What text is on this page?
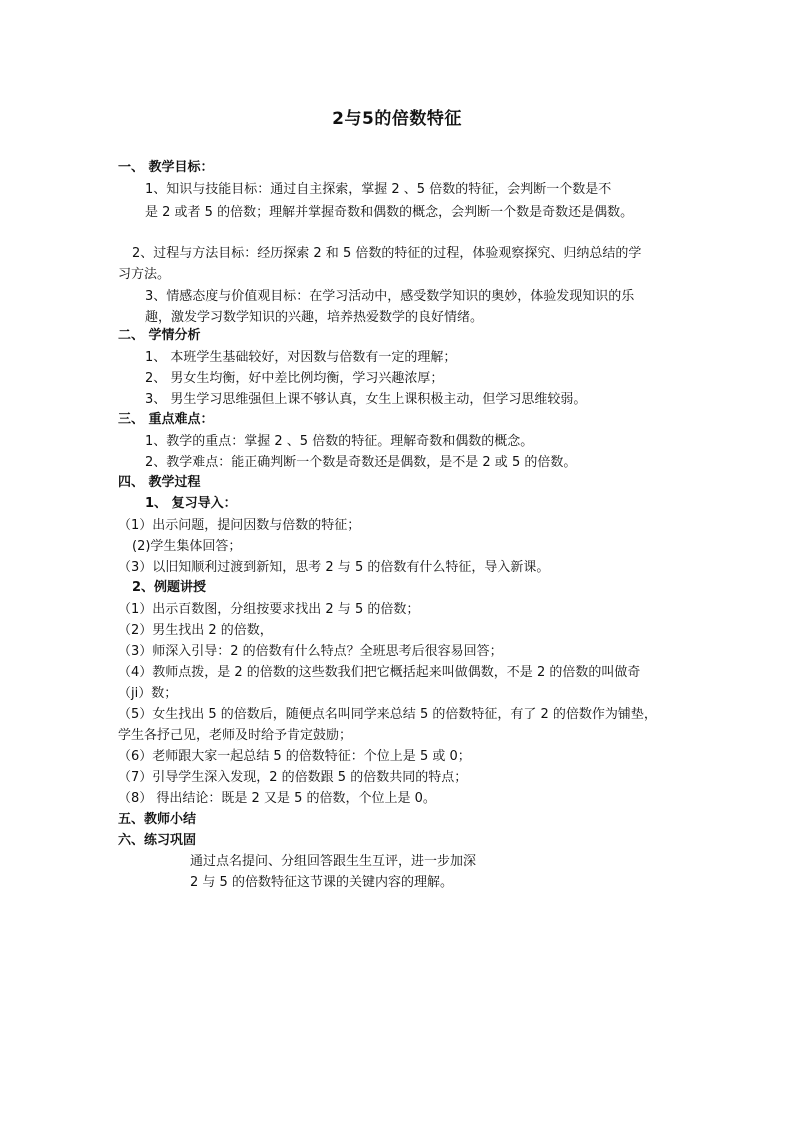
2与5的倍数特征
一、 教学目标：
1、知识与技能目标：通过自主探索，掌握 2 、5 倍数的特征，会判断一个数是不
是 2 或者 5 的倍数；理解并掌握奇数和偶数的概念，会判断一个数是奇数还是偶数。
2、过程与方法目标：经历探索 2 和 5 倍数的特征的过程，体验观察探究、归纳总结的学
习方法。
3、情感态度与价值观目标：在学习活动中，感受数学知识的奥妙，体验发现知识的乐
趣，激发学习数学知识的兴趣，培养热爱数学的良好情绪。
二、 学情分析
1、 本班学生基础较好，对因数与倍数有一定的理解；
2、 男女生均衡，好中差比例均衡，学习兴趣浓厚；
3、 男生学习思维强但上课不够认真，女生上课积极主动，但学习思维较弱。
三、 重点难点：
1、教学的重点：掌握 2 、5 倍数的特征。理解奇数和偶数的概念。
2、教学难点：能正确判断一个数是奇数还是偶数，是不是 2 或 5 的倍数。
四、 教学过程
1、 复习导入：
（1）出示问题，提问因数与倍数的特征；
(2)学生集体回答；
（3）以旧知顺利过渡到新知，思考 2 与 5 的倍数有什么特征，导入新课。
2、例题讲授
（1）出示百数图，分组按要求找出 2 与 5 的倍数；
（2）男生找出 2 的倍数，
（3）师深入引导：2 的倍数有什么特点？全班思考后很容易回答；
（4）教师点拨，是 2 的倍数的这些数我们把它概括起来叫做偶数，不是 2 的倍数的叫做奇
（ji）数；
（5）女生找出 5 的倍数后，随便点名叫同学来总结 5 的倍数特征，有了 2 的倍数作为铺垫，
学生各抒己见，老师及时给予肯定鼓励；
（6）老师跟大家一起总结 5 的倍数特征：个位上是 5 或 0；
（7）引导学生深入发现，2 的倍数跟 5 的倍数共同的特点；
（8） 得出结论：既是 2 又是 5 的倍数，个位上是 0。
五、教师小结
六、练习巩固
通过点名提问、分组回答跟生生互评，进一步加深
2 与 5 的倍数特征这节课的关键内容的理解。
